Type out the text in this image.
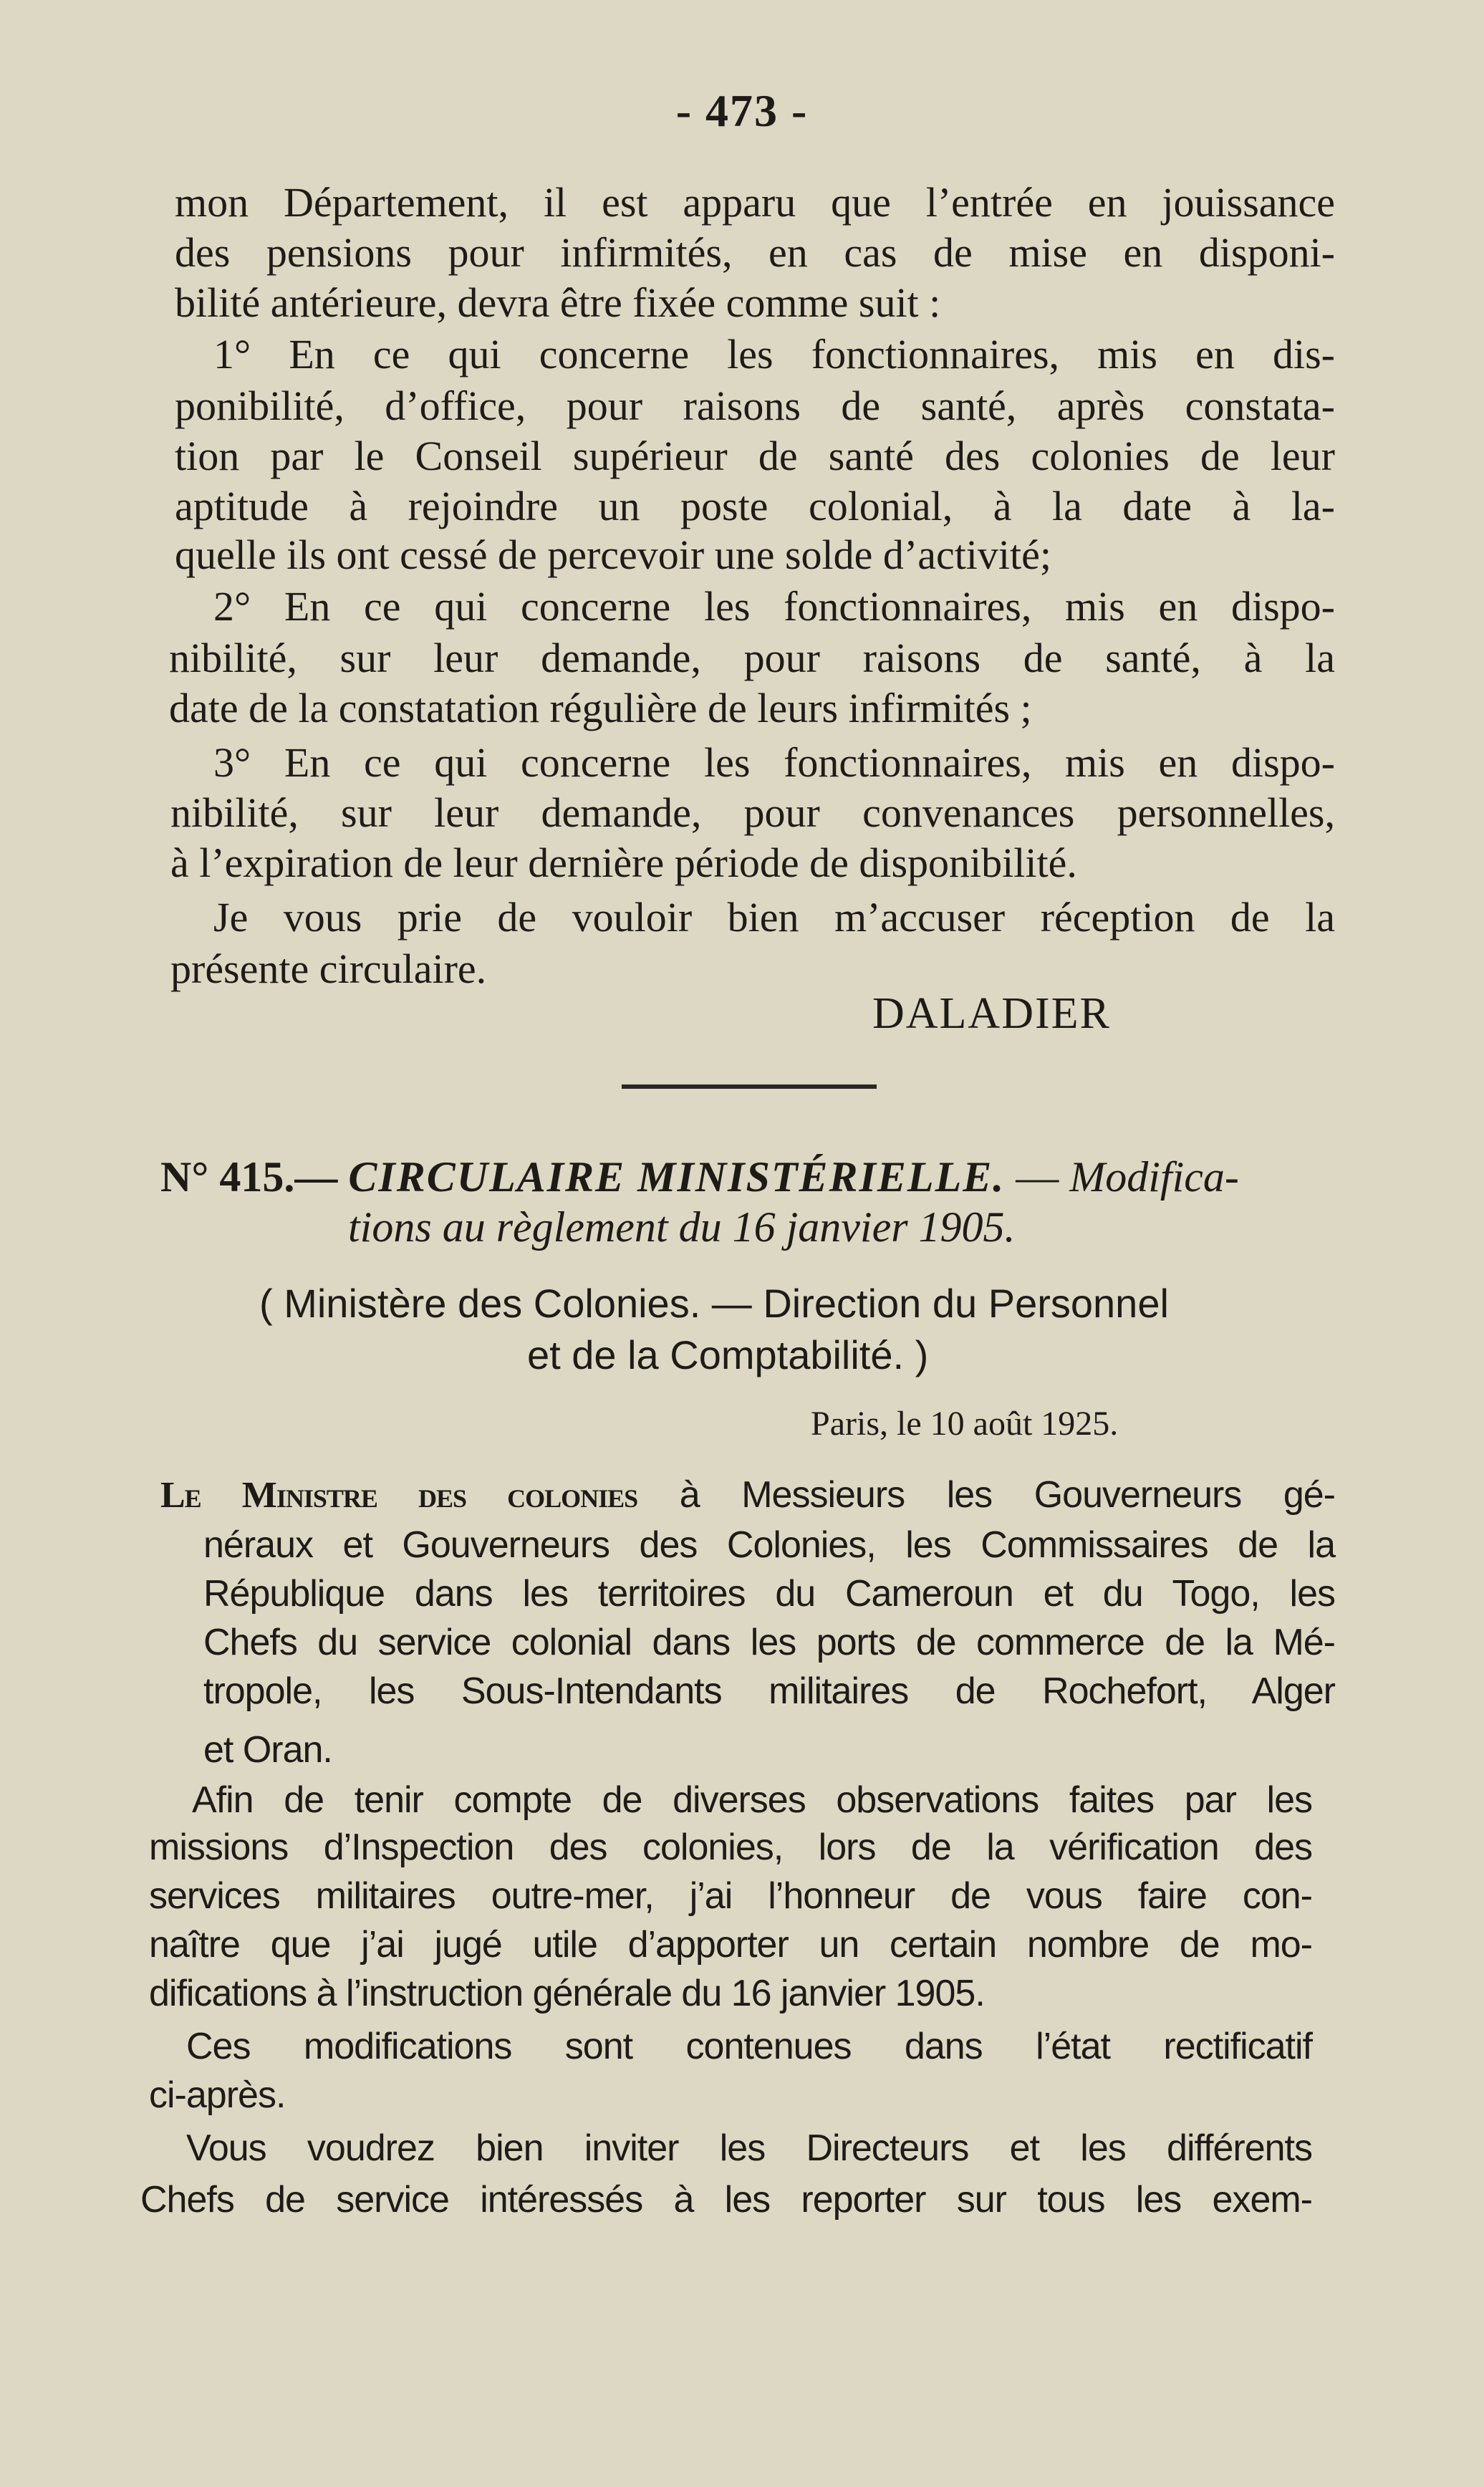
- 473 -
mon Département, il est apparu que l’entrée en jouissance
des pensions pour infirmités, en cas de mise en disponi-
bilité antérieure, devra être fixée comme suit :
1° En ce qui concerne les fonctionnaires, mis en dis-
ponibilité, d’office, pour raisons de santé, après constata-
tion par le Conseil supérieur de santé des colonies de leur
aptitude à rejoindre un poste colonial, à la date à la-
quelle ils ont cessé de percevoir une solde d’activité;
2° En ce qui concerne les fonctionnaires, mis en dispo-
nibilité, sur leur demande, pour raisons de santé, à la
date de la constatation régulière de leurs infirmités ;
3° En ce qui concerne les fonctionnaires, mis en dispo-
nibilité, sur leur demande, pour convenances personnelles,
à l’expiration de leur dernière période de disponibilité.
Je vous prie de vouloir bien m’accuser réception de la
présente circulaire.
DALADIER
N° 415.— CIRCULAIRE MINISTÉRIELLE. — Modifica-
tions au règlement du 16 janvier 1905.
( Ministère des Colonies. — Direction du Personnel
et de la Comptabilité. )
Paris, le 10 août 1925.
Le Ministre des colonies à Messieurs les Gouverneurs gé-
néraux et Gouverneurs des Colonies, les Commissaires de la
République dans les territoires du Cameroun et du Togo, les
Chefs du service colonial dans les ports de commerce de la Mé-
tropole, les Sous-Intendants militaires de Rochefort, Alger
et Oran.
Afin de tenir compte de diverses observations faites par les
missions d’Inspection des colonies, lors de la vérification des
services militaires outre-mer, j’ai l’honneur de vous faire con-
naître que j’ai jugé utile d’apporter un certain nombre de mo-
difications à l’instruction générale du 16 janvier 1905.
Ces modifications sont contenues dans l’état rectificatif
ci-après.
Vous voudrez bien inviter les Directeurs et les différents
Chefs de service intéressés à les reporter sur tous les exem-
